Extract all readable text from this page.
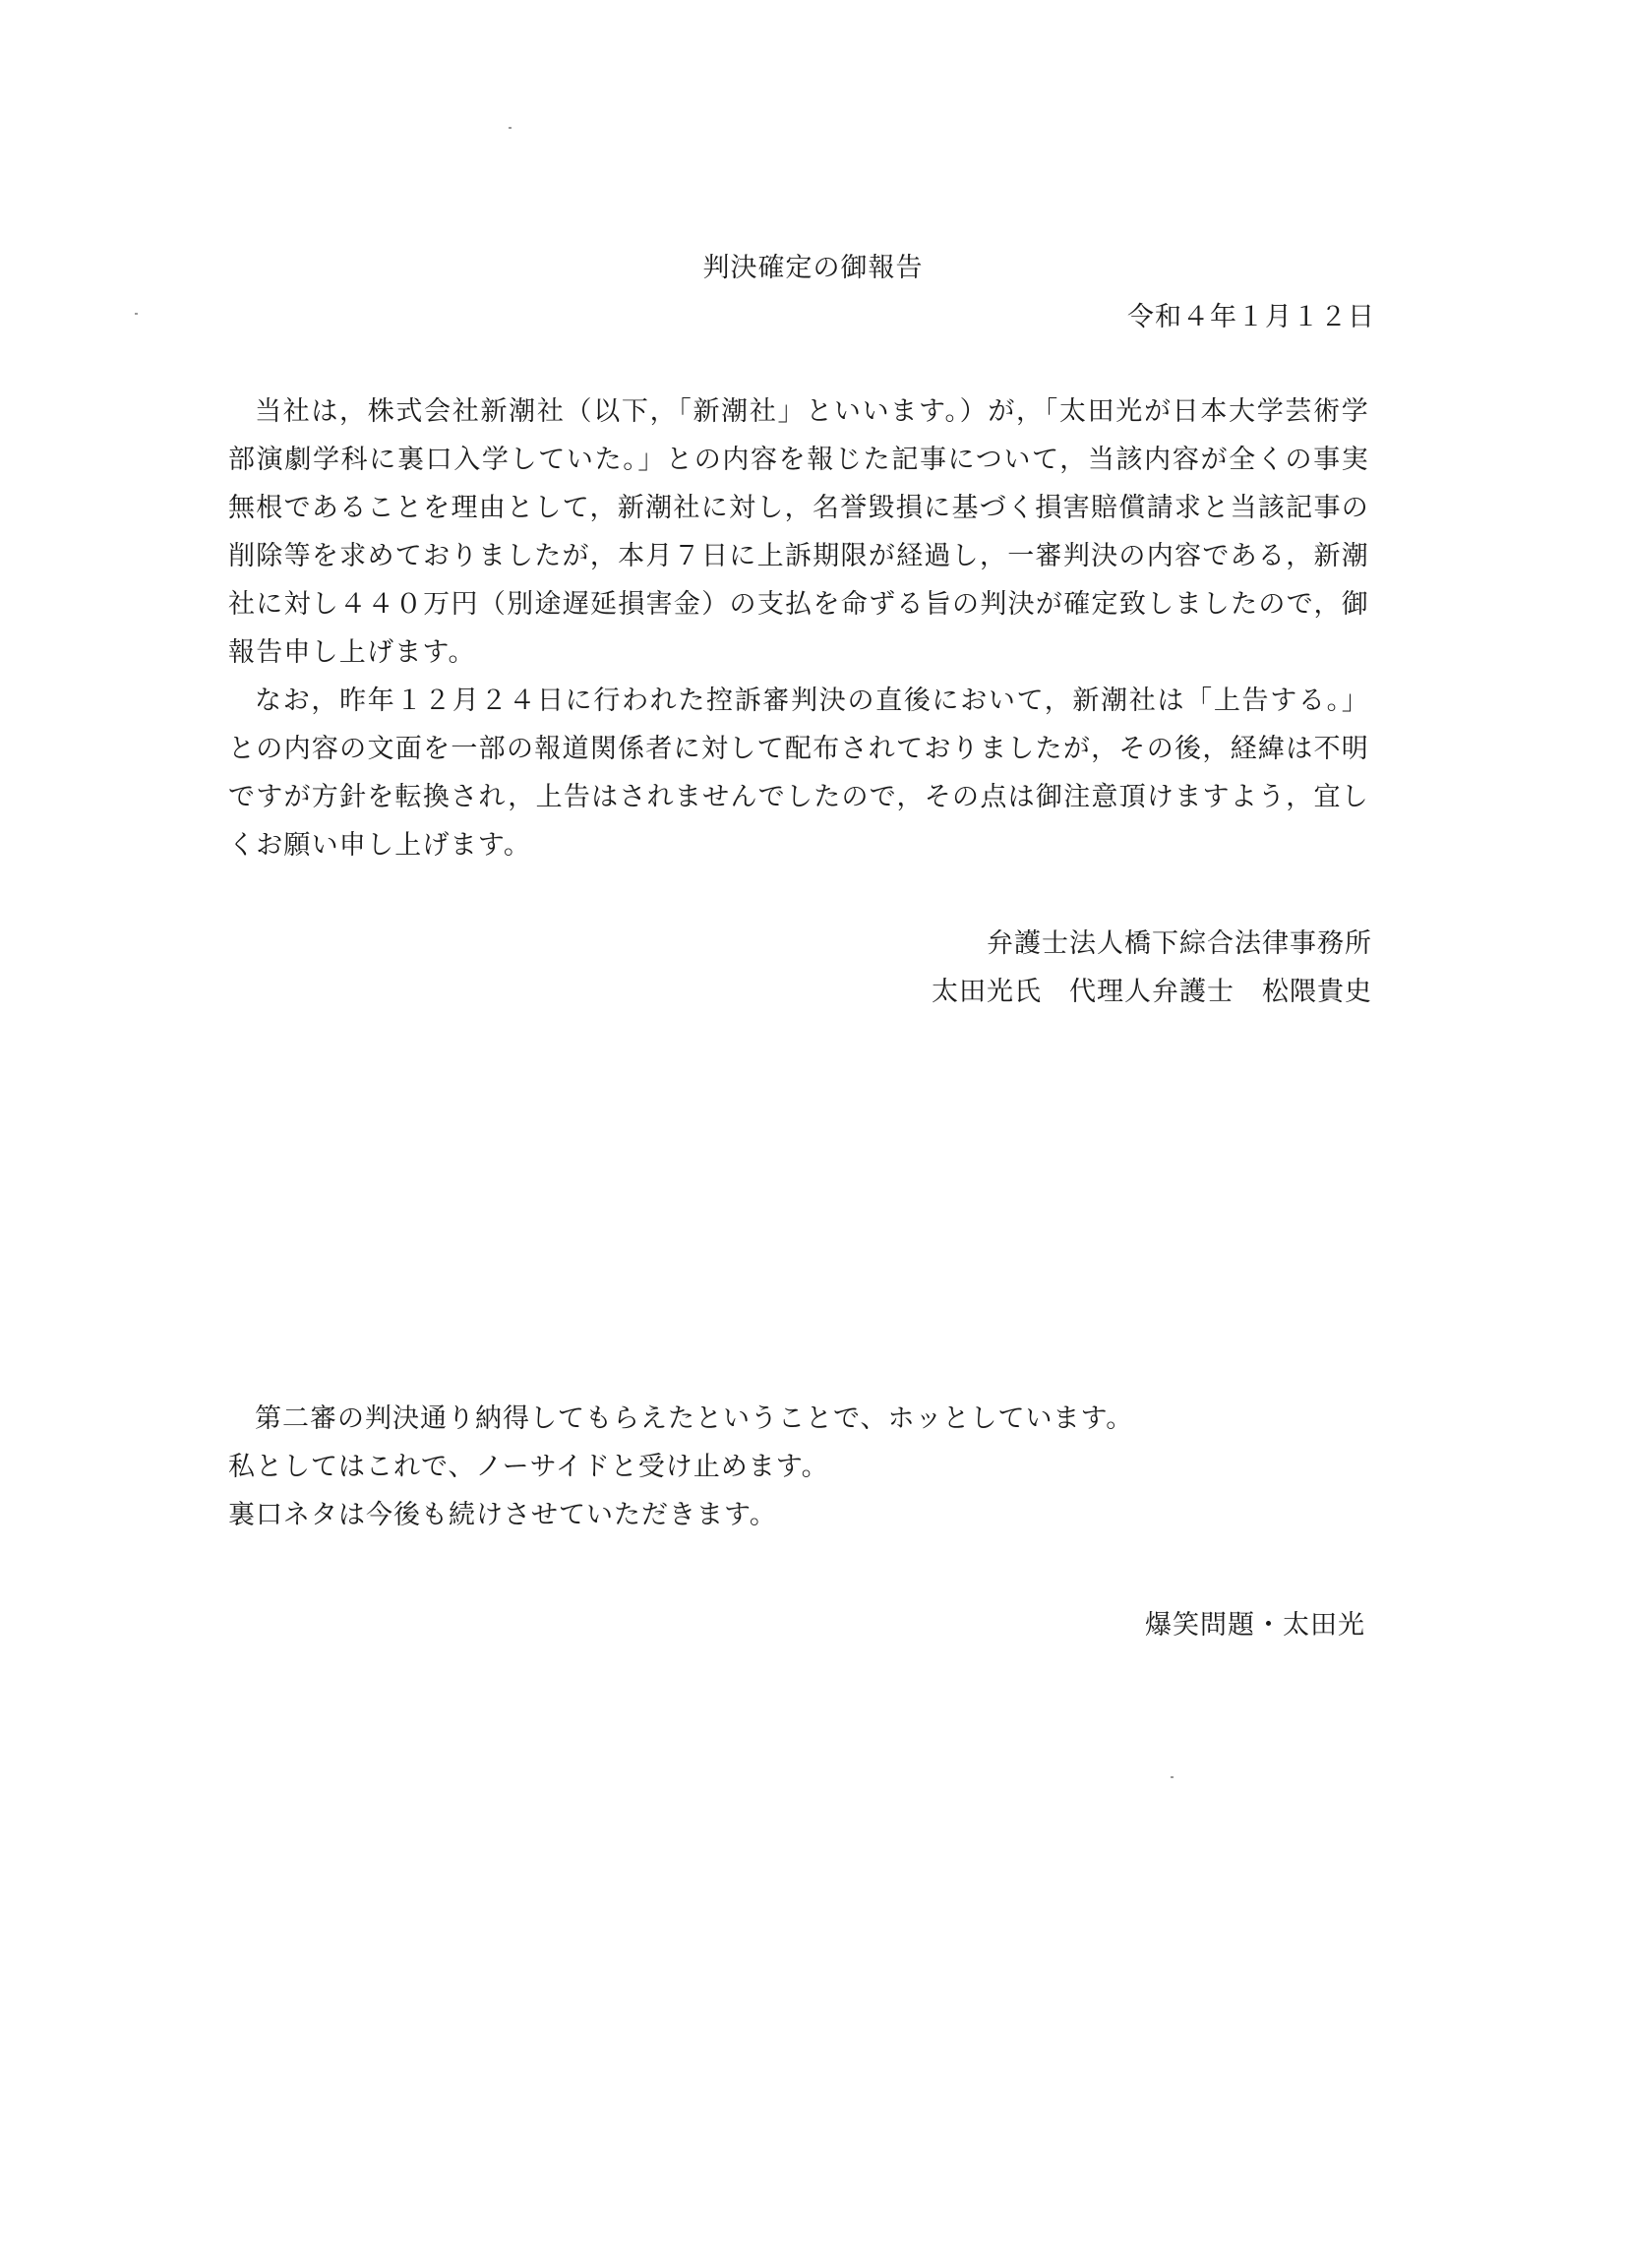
判決確定の御報告
令和４年１月１２日

当社は，株式会社新潮社（以下，「新潮社」といいます。）が，「太田光が日本大学芸術学部演劇学科に裏口入学していた。」との内容を報じた記事について，当該内容が全くの事実無根であることを理由として，新潮社に対し，名誉毀損に基づく損害賠償請求と当該記事の削除等を求めておりましたが，本月７日に上訴期限が経過し，一審判決の内容である，新潮社に対し４４０万円（別途遅延損害金）の支払を命ずる旨の判決が確定致しましたので，御報告申し上げます。

なお，昨年１２月２４日に行われた控訴審判決の直後において，新潮社は「上告する。」との内容の文面を一部の報道関係者に対して配布されておりましたが，その後，経緯は不明ですが方針を転換され，上告はされませんでしたので，その点は御注意頂けますよう，宜しくお願い申し上げます。

弁護士法人橋下綜合法律事務所
太田光氏　代理人弁護士　松隈貴史
第二審の判決通り納得してもらえたということで、ホッとしています。
私としてはこれで、ノーサイドと受け止めます。
裏口ネタは今後も続けさせていただきます。
爆笑問題・太田光
